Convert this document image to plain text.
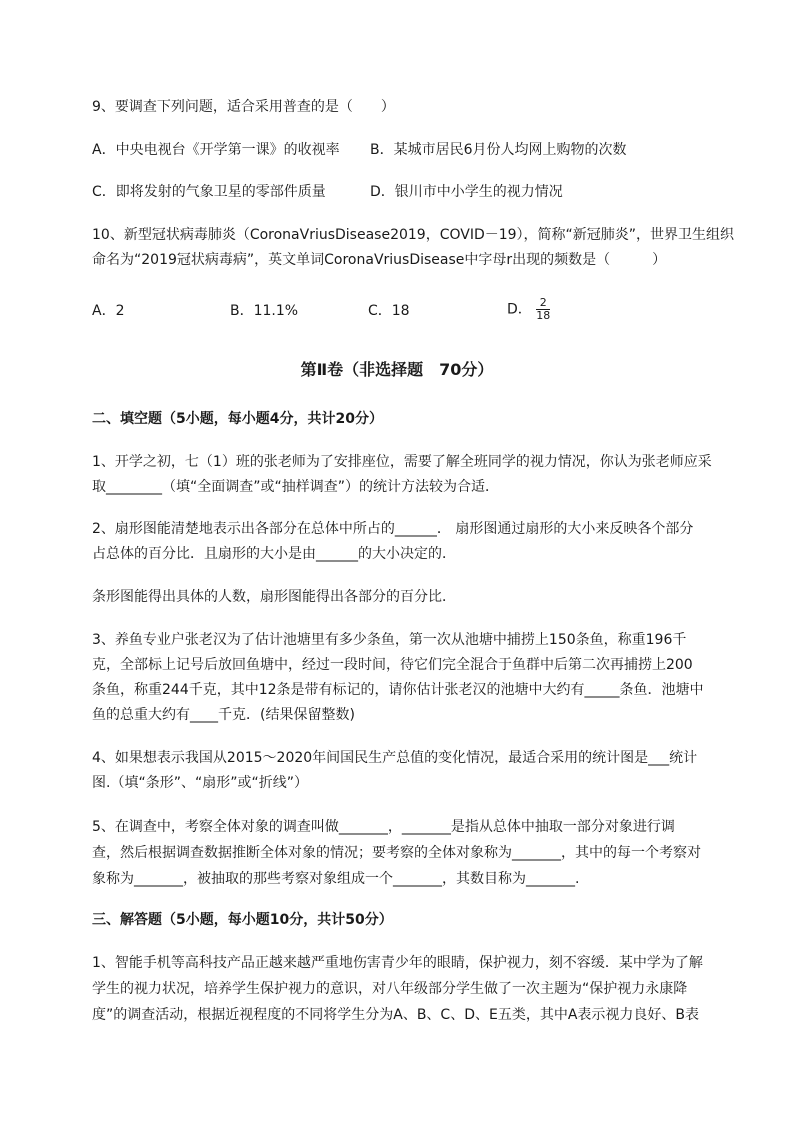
9、要调查下列问题，适合采用普查的是（　　）
A．中央电视台《开学第一课》的收视率 B．某城市居民6月份人均网上购物的次数
C．即将发射的气象卫星的零部件质量	D．银川市中小学生的视力情况
10、新型冠状病毒肺炎（CoronaVriusDisease2019，COVID－19），简称“新冠肺炎”，世界卫生组织
命名为“2019冠状病毒病”，英文单词CoronaVriusDisease中字母r出现的频数是（　　　）
A．2	B．11.1%	C．18	D． $\frac{2}{18}$
第Ⅱ卷（非选择题　70分）
二、填空题（5小题，每小题4分，共计20分）
1、开学之初，七（1）班的张老师为了安排座位，需要了解全班同学的视力情况，你认为张老师应采
取________（填“全面调查”或“抽样调查”）的统计方法较为合适．
2、扇形图能清楚地表示出各部分在总体中所占的______． 扇形图通过扇形的大小来反映各个部分
占总体的百分比．且扇形的大小是由______的大小决定的．
条形图能得出具体的人数，扇形图能得出各部分的百分比．
3、养鱼专业户张老汉为了估计池塘里有多少条鱼，第一次从池塘中捕捞上150条鱼，称重196千
克，全部标上记号后放回鱼塘中，经过一段时间，待它们完全混合于鱼群中后第二次再捕捞上200
条鱼，称重244千克，其中12条是带有标记的，请你估计张老汉的池塘中大约有_____条鱼．池塘中
鱼的总重大约有____千克．(结果保留整数)
4、如果想表示我国从2015～2020年间国民生产总值的变化情况，最适合采用的统计图是___统计
图.（填“条形”、“扇形”或“折线”）
5、在调查中，考察全体对象的调查叫做_______，_______是指从总体中抽取一部分对象进行调
查，然后根据调查数据推断全体对象的情况；要考察的全体对象称为_______，其中的每一个考察对
象称为_______，被抽取的那些考察对象组成一个_______，其数目称为_______.
三、解答题（5小题，每小题10分，共计50分）
1、智能手机等高科技产品正越来越严重地伤害青少年的眼睛，保护视力，刻不容缓．某中学为了解
学生的视力状况，培养学生保护视力的意识，对八年级部分学生做了一次主题为“保护视力永康降
度”的调查活动，根据近视程度的不同将学生分为A、B、C、D、E五类，其中A表示视力良好、B表
